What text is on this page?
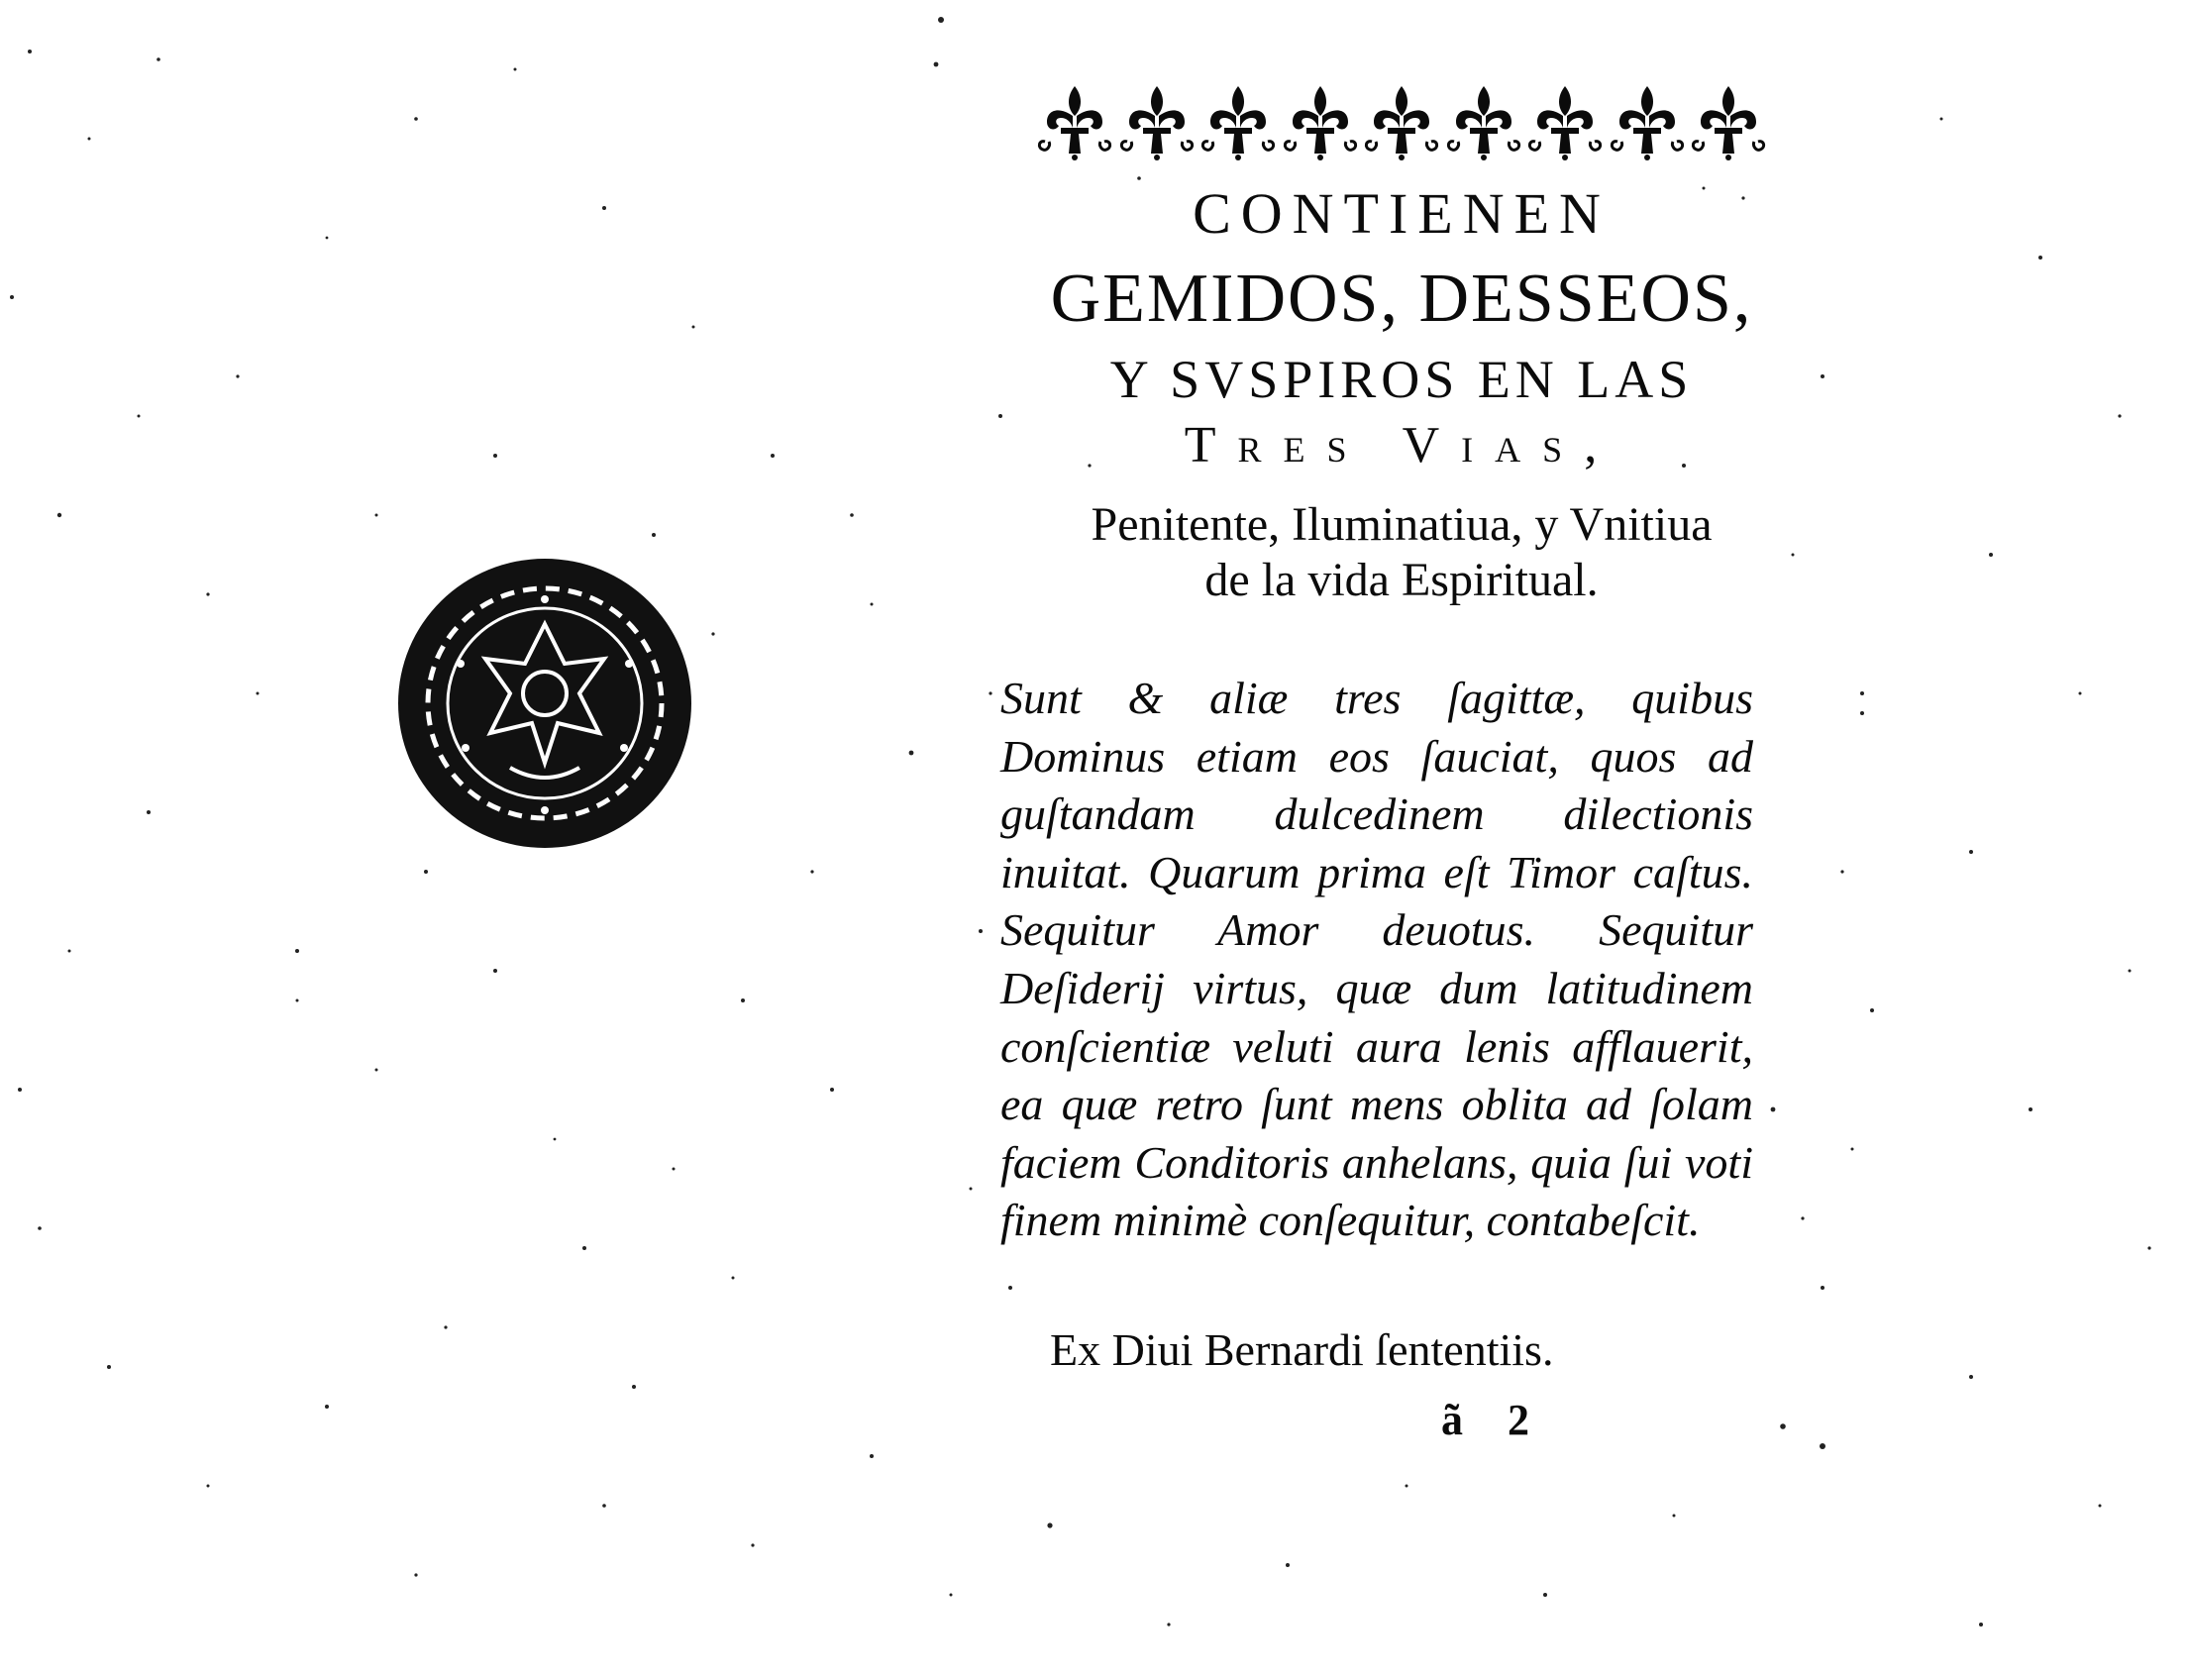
CONTIENEN
GEMIDOS, DESSEOS,
Y SVSPIROS EN LAS
Tres Vias,
Penitente, Iluminatiua, y Vnitiua
de la vida Espiritual.
Sunt & aliæ tres ſagittæ, quibus Dominus etiam eos ſauciat, quos ad guſtandam dulcedinem dilectionis inuitat. Quarum prima eſt Timor caſtus. Sequitur Amor deuotus. Sequitur Deſiderij virtus, quæ dum latitudinem conſcientiæ veluti aura lenis afflauerit, ea quæ retro ſunt mens oblita ad ſolam faciem Conditoris anhelans, quia ſui voti finem minimè conſequitur, contabeſcit.
Ex Diui Bernardi ſententiis.
ã 2
